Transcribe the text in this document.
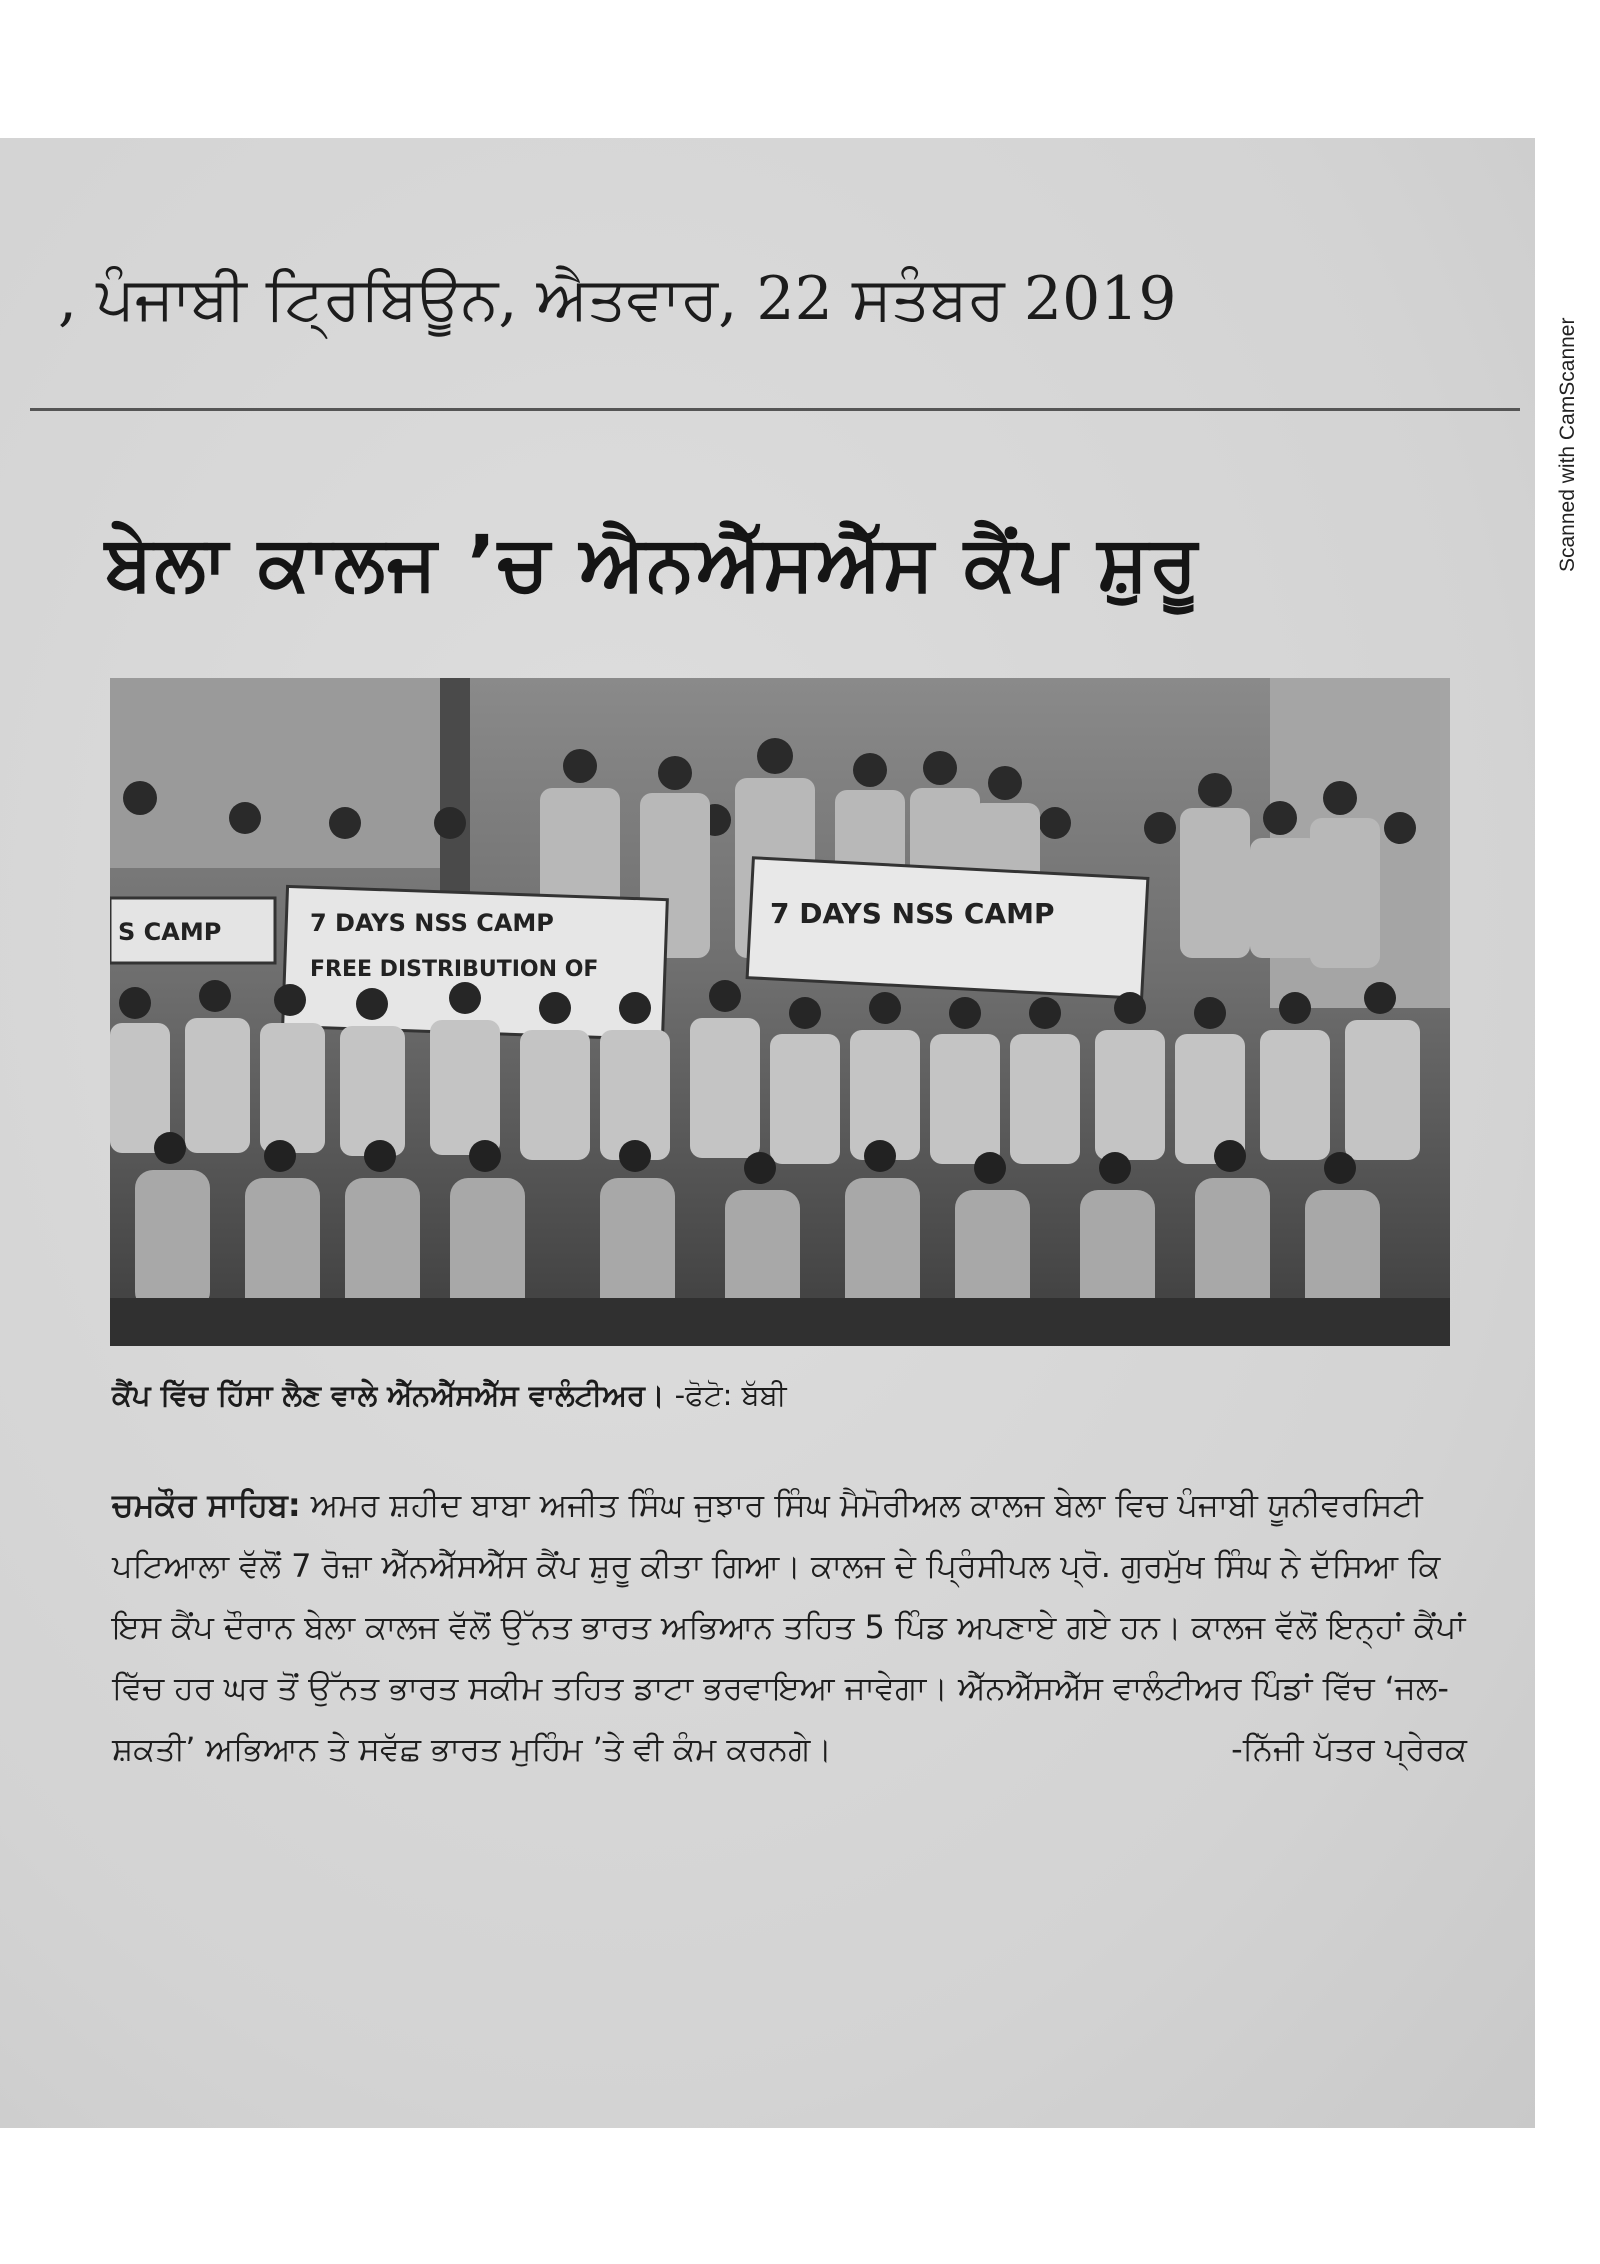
, ਪੰਜਾਬੀ ਟ੍ਰਿਬਿਊਨ, ਐਤਵਾਰ, 22 ਸਤੰਬਰ 2019
ਬੇਲਾ ਕਾਲਜ ’ਚ ਐਨਐੱਸਐੱਸ ਕੈਂਪ ਸ਼ੁਰੂ
S CAMP	7 DAYS NSS CAMP
FREE DISTRIBUTION OF
7 DAYS NSS CAMP
ਕੈਂਪ ਵਿੱਚ ਹਿੱਸਾ ਲੈਣ ਵਾਲੇ ਐੱਨਐੱਸਐੱਸ ਵਾਲੰਟੀਅਰ। -ਫੋਟੋ: ਬੱਬੀ
ਚਮਕੌਰ ਸਾਹਿਬ: ਅਮਰ ਸ਼ਹੀਦ ਬਾਬਾ ਅਜੀਤ ਸਿੰਘ ਜੁਝਾਰ ਸਿੰਘ ਮੈਮੋਰੀਅਲ ਕਾਲਜ ਬੇਲਾ ਵਿਚ ਪੰਜਾਬੀ ਯੂਨੀਵਰਸਿਟੀ ਪਟਿਆਲਾ ਵੱਲੋਂ 7 ਰੋਜ਼ਾ ਐੱਨਐੱਸਐੱਸ ਕੈਂਪ ਸ਼ੁਰੂ ਕੀਤਾ ਗਿਆ। ਕਾਲਜ ਦੇ ਪ੍ਰਿੰਸੀਪਲ ਪ੍ਰੋ. ਗੁਰਮੁੱਖ ਸਿੰਘ ਨੇ ਦੱਸਿਆ ਕਿ ਇਸ ਕੈਂਪ ਦੌਰਾਨ ਬੇਲਾ ਕਾਲਜ ਵੱਲੋਂ ਉੱਨਤ ਭਾਰਤ ਅਭਿਆਨ ਤਹਿਤ 5 ਪਿੰਡ ਅਪਣਾਏ ਗਏ ਹਨ। ਕਾਲਜ ਵੱਲੋਂ ਇਨ੍ਹਾਂ ਕੈਂਪਾਂ ਵਿੱਚ ਹਰ ਘਰ ਤੋਂ ਉੱਨਤ ਭਾਰਤ ਸਕੀਮ ਤਹਿਤ ਡਾਟਾ ਭਰਵਾਇਆ ਜਾਵੇਗਾ। ਐੱਨਐੱਸਐੱਸ ਵਾਲੰਟੀਅਰ ਪਿੰਡਾਂ ਵਿੱਚ ‘ਜਲ-ਸ਼ਕਤੀ’ ਅਭਿਆਨ ਤੇ ਸਵੱਛ ਭਾਰਤ ਮੁਹਿੰਮ ’ਤੇ ਵੀ ਕੰਮ ਕਰਨਗੇ।	-ਨਿੱਜੀ ਪੱਤਰ ਪ੍ਰੇਰਕ
Scanned with CamScanner
